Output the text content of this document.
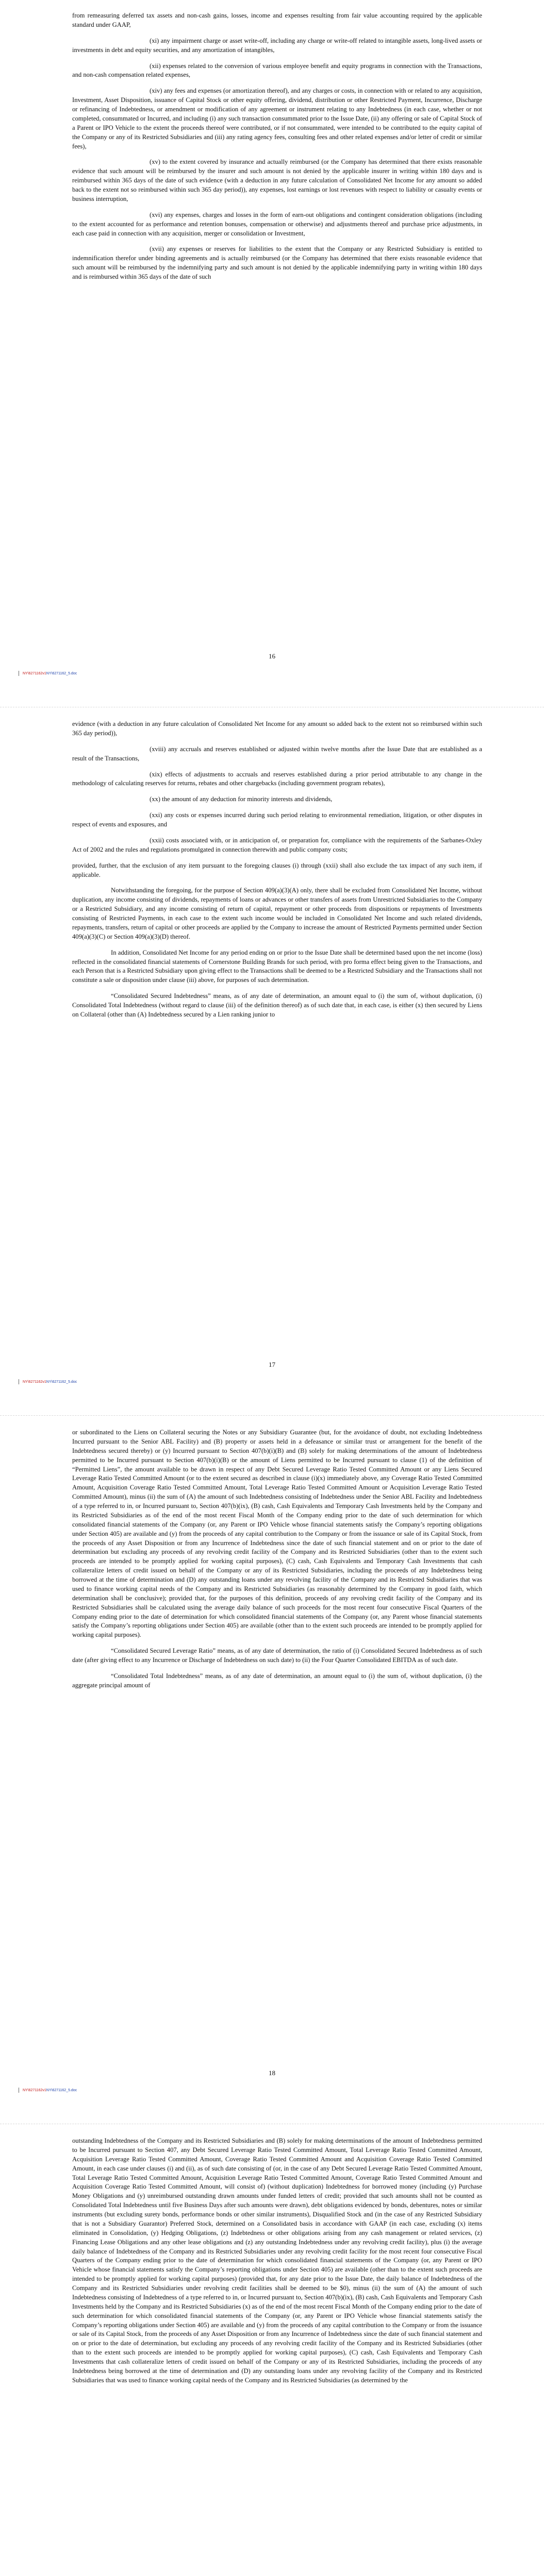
from remeasuring deferred tax assets and non-cash gains, losses, income and expenses resulting from fair value accounting required by the applicable standard under GAAP,

(xi) any impairment charge or asset write-off, including any charge or write-off related to intangible assets, long-lived assets or investments in debt and equity securities, and any amortization of intangibles,

(xii) expenses related to the conversion of various employee benefit and equity programs in connection with the Transactions, and non-cash compensation related expenses,

(xiv) any fees and expenses (or amortization thereof), and any charges or costs, in connection with or related to any acquisition, Investment, Asset Disposition, issuance of Capital Stock or other equity offering, dividend, distribution or other Restricted Payment, Incurrence, Discharge or refinancing of Indebtedness, or amendment or modification of any agreement or instrument relating to any Indebtedness (in each case, whether or not completed, consummated or Incurred, and including (i) any such transaction consummated prior to the Issue Date, (ii) any offering or sale of Capital Stock of a Parent or IPO Vehicle to the extent the proceeds thereof were contributed, or if not consummated, were intended to be contributed to the equity capital of the Company or any of its Restricted Subsidiaries and (iii) any rating agency fees, consulting fees and other related expenses and/or letter of credit or similar fees),

(xv) to the extent covered by insurance and actually reimbursed (or the Company has determined that there exists reasonable evidence that such amount will be reimbursed by the insurer and such amount is not denied by the applicable insurer in writing within 180 days and is reimbursed within 365 days of the date of such evidence (with a deduction in any future calculation of Consolidated Net Income for any amount so added back to the extent not so reimbursed within such 365 day period)), any expenses, lost earnings or lost revenues with respect to liability or casualty events or business interruption,

(xvi) any expenses, charges and losses in the form of earn-out obligations and contingent consideration obligations (including to the extent accounted for as performance and retention bonuses, compensation or otherwise) and adjustments thereof and purchase price adjustments, in each case paid in connection with any acquisition, merger or consolidation or Investment,

(xvii) any expenses or reserves for liabilities to the extent that the Company or any Restricted Subsidiary is entitled to indemnification therefor under binding agreements and is actually reimbursed (or the Company has determined that there exists reasonable evidence that such amount will be reimbursed by the indemnifying party and such amount is not denied by the applicable indemnifying party in writing within 180 days and is reimbursed within 365 days of the date of such

16
NY\6271162v1NY\6271162_5.doc

evidence (with a deduction in any future calculation of Consolidated Net Income for any amount so added back to the extent not so reimbursed within such 365 day period)),

(xviii) any accruals and reserves established or adjusted within twelve months after the Issue Date that are established as a result of the Transactions,

(xix) effects of adjustments to accruals and reserves established during a prior period attributable to any change in the methodology of calculating reserves for returns, rebates and other chargebacks (including government program rebates),

(xx) the amount of any deduction for minority interests and dividends,

(xxi) any costs or expenses incurred during such period relating to environmental remediation, litigation, or other disputes in respect of events and exposures, and

(xxii) costs associated with, or in anticipation of, or preparation for, compliance with the requirements of the Sarbanes-Oxley Act of 2002 and the rules and regulations promulgated in connection therewith and public company costs;

provided, further, that the exclusion of any item pursuant to the foregoing clauses (i) through (xxii) shall also exclude the tax impact of any such item, if applicable.

Notwithstanding the foregoing, for the purpose of Section 409(a)(3)(A) only, there shall be excluded from Consolidated Net Income, without duplication, any income consisting of dividends, repayments of loans or advances or other transfers of assets from Unrestricted Subsidiaries to the Company or a Restricted Subsidiary, and any income consisting of return of capital, repayment or other proceeds from dispositions or repayments of Investments consisting of Restricted Payments, in each case to the extent such income would be included in Consolidated Net Income and such related dividends, repayments, transfers, return of capital or other proceeds are applied by the Company to increase the amount of Restricted Payments permitted under Section 409(a)(3)(C) or Section 409(a)(3)(D) thereof.

In addition, Consolidated Net Income for any period ending on or prior to the Issue Date shall be determined based upon the net income (loss) reflected in the consolidated financial statements of Cornerstone Building Brands for such period, with pro forma effect being given to the Transactions, and each Person that is a Restricted Subsidiary upon giving effect to the Transactions shall be deemed to be a Restricted Subsidiary and the Transactions shall not constitute a sale or disposition under clause (iii) above, for purposes of such determination.

“Consolidated Secured Indebtedness” means, as of any date of determination, an amount equal to (i) the sum of, without duplication, (i) Consolidated Total Indebtedness (without regard to clause (iii) of the definition thereof) as of such date that, in each case, is either (x) then secured by Liens on Collateral (other than (A) Indebtedness secured by a Lien ranking junior to

17
NY\6271162v1NY\6271162_5.doc

or subordinated to the Liens on Collateral securing the Notes or any Subsidiary Guarantee (but, for the avoidance of doubt, not excluding Indebtedness Incurred pursuant to the Senior ABL Facility) and (B) property or assets held in a defeasance or similar trust or arrangement for the benefit of the Indebtedness secured thereby) or (y) Incurred pursuant to Section 407(b)(i)(B) and (B) solely for making determinations of the amount of Indebtedness permitted to be Incurred pursuant to Section 407(b)(i)(B) or the amount of Liens permitted to be Incurred pursuant to clause (1) of the definition of “Permitted Liens”, the amount available to be drawn in respect of any Debt Secured Leverage Ratio Tested Committed Amount or any Liens Secured Leverage Ratio Tested Committed Amount (or to the extent secured as described in clause (i)(x) immediately above, any Coverage Ratio Tested Committed Amount, Acquisition Coverage Ratio Tested Committed Amount, Total Leverage Ratio Tested Committed Amount or Acquisition Leverage Ratio Tested Committed Amount), minus (ii) the sum of (A) the amount of such Indebtedness consisting of Indebtedness under the Senior ABL Facility and Indebtedness of a type referred to in, or Incurred pursuant to, Section 407(b)(ix), (B) cash, Cash Equivalents and Temporary Cash Investments held by the Company and its Restricted Subsidiaries as of the end of the most recent Fiscal Month of the Company ending prior to the date of such determination for which consolidated financial statements of the Company (or, any Parent or IPO Vehicle whose financial statements satisfy the Company’s reporting obligations under Section 405) are available and (y) from the proceeds of any capital contribution to the Company or from the issuance or sale of its Capital Stock, from the proceeds of any Asset Disposition or from any Incurrence of Indebtedness since the date of such financial statement and on or prior to the date of determination but excluding any proceeds of any revolving credit facility of the Company and its Restricted Subsidiaries (other than to the extent such proceeds are intended to be promptly applied for working capital purposes), (C) cash, Cash Equivalents and Temporary Cash Investments that cash collateralize letters of credit issued on behalf of the Company or any of its Restricted Subsidiaries, including the proceeds of any Indebtedness being borrowed at the time of determination and (D) any outstanding loans under any revolving facility of the Company and its Restricted Subsidiaries that was used to finance working capital needs of the Company and its Restricted Subsidiaries (as reasonably determined by the Company in good faith, which determination shall be conclusive); provided that, for the purposes of this definition, proceeds of any revolving credit facility of the Company and its Restricted Subsidiaries shall be calculated using the average daily balance of such proceeds for the most recent four consecutive Fiscal Quarters of the Company ending prior to the date of determination for which consolidated financial statements of the Company (or, any Parent whose financial statements satisfy the Company’s reporting obligations under Section 405) are available (other than to the extent such proceeds are intended to be promptly applied for working capital purposes).

“Consolidated Secured Leverage Ratio” means, as of any date of determination, the ratio of (i) Consolidated Secured Indebtedness as of such date (after giving effect to any Incurrence or Discharge of Indebtedness on such date) to (ii) the Four Quarter Consolidated EBITDA as of such date.

“Consolidated Total Indebtedness” means, as of any date of determination, an amount equal to (i) the sum of, without duplication, (i) the aggregate principal amount of

18
NY\6271162v1NY\6271162_5.doc

outstanding Indebtedness of the Company and its Restricted Subsidiaries and (B) solely for making determinations of the amount of Indebtedness permitted to be Incurred pursuant to Section 407, any Debt Secured Leverage Ratio Tested Committed Amount, Total Leverage Ratio Tested Committed Amount, Acquisition Leverage Ratio Tested Committed Amount, Coverage Ratio Tested Committed Amount and Acquisition Coverage Ratio Tested Committed Amount, in each case under clauses (i) and (ii), as of such date consisting of (or, in the case of any Debt Secured Leverage Ratio Tested Committed Amount, Total Leverage Ratio Tested Committed Amount, Acquisition Leverage Ratio Tested Committed Amount, Coverage Ratio Tested Committed Amount and Acquisition Coverage Ratio Tested Committed Amount, will consist of) (without duplication) Indebtedness for borrowed money (including (y) Purchase Money Obligations and (y) unreimbursed outstanding drawn amounts under funded letters of credit; provided that such amounts shall not be counted as Consolidated Total Indebtedness until five Business Days after such amounts were drawn), debt obligations evidenced by bonds, debentures, notes or similar instruments (but excluding surety bonds, performance bonds or other similar instruments), Disqualified Stock and (in the case of any Restricted Subsidiary that is not a Subsidiary Guarantor) Preferred Stock, determined on a Consolidated basis in accordance with GAAP (in each case, excluding (x) items eliminated in Consolidation, (y) Hedging Obligations, (z) Indebtedness or other obligations arising from any cash management or related services, (z) Financing Lease Obligations and any other lease obligations and (z) any outstanding Indebtedness under any revolving credit facility), plus (i) the average daily balance of Indebtedness of the Company and its Restricted Subsidiaries under any revolving credit facility for the most recent four consecutive Fiscal Quarters of the Company ending prior to the date of determination for which consolidated financial statements of the Company (or, any Parent or IPO Vehicle whose financial statements satisfy the Company’s reporting obligations under Section 405) are available (other than to the extent such proceeds are intended to be promptly applied for working capital purposes) (provided that, for any date prior to the Issue Date, the daily balance of Indebtedness of the Company and its Restricted Subsidiaries under revolving credit facilities shall be deemed to be $0), minus (ii) the sum of (A) the amount of such Indebtedness consisting of Indebtedness of a type referred to in, or Incurred pursuant to, Section 407(b)(ix), (B) cash, Cash Equivalents and Temporary Cash Investments held by the Company and its Restricted Subsidiaries (x) as of the end of the most recent Fiscal Month of the Company ending prior to the date of such determination for which consolidated financial statements of the Company (or, any Parent or IPO Vehicle whose financial statements satisfy the Company’s reporting obligations under Section 405) are available and (y) from the proceeds of any capital contribution to the Company or from the issuance or sale of its Capital Stock, from the proceeds of any Asset Disposition or from any Incurrence of Indebtedness since the date of such financial statement and on or prior to the date of determination, but excluding any proceeds of any revolving credit facility of the Company and its Restricted Subsidiaries (other than to the extent such proceeds are intended to be promptly applied for working capital purposes), (C) cash, Cash Equivalents and Temporary Cash Investments that cash collateralize letters of credit issued on behalf of the Company or any of its Restricted Subsidiaries, including the proceeds of any Indebtedness being borrowed at the time of determination and (D) any outstanding loans under any revolving facility of the Company and its Restricted Subsidiaries that was used to finance working capital needs of the Company and its Restricted Subsidiaries (as determined by the
